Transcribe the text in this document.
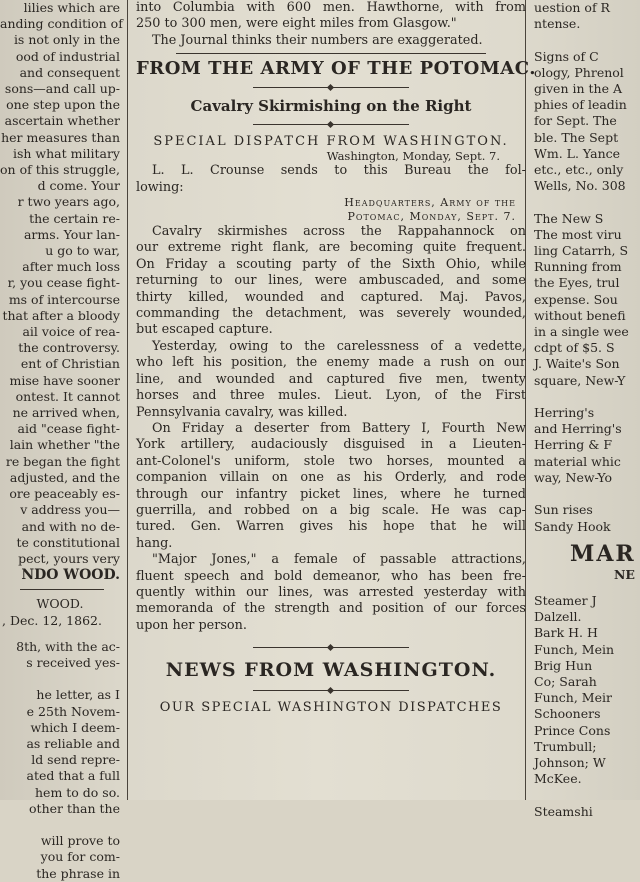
lilies which are
anding condition of
is not only in the
ood of industrial
and consequent
sons—and call up-
one step upon the
ascertain whether
her measures than
ish what military
on of this struggle,
d come. Your
r two years ago,
the certain re-
arms. Your lan-
u go to war,
after much loss
r, you cease fight-
ms of intercourse
that after a bloody
ail voice of rea-
the controversy.
ent of Christian
mise have sooner
ontest. It cannot
ne arrived when,
aid "cease fight-
lain whether "the
re began the fight
adjusted, and the
ore peaceably es-
v address you—
and with no de-
te constitutional
pect, yours very
NDO WOOD.
WOOD.
, Dec. 12, 1862.
8th, with the ac-
s received yes-

he letter, as I
e 25th Novem-
which I deem-
as reliable and
ld send repre-
ated that a full
hem to do so.
other than the

will prove to
you for com-
the phrase in
into Columbia with 600 men. Hawthorne, with from
250 to 300 men, were eight miles from Glasgow."
The Journal thinks their numbers are exaggerated.
FROM THE ARMY OF THE POTOMAC.
Cavalry Skirmishing on the Right
SPECIAL DISPATCH FROM WASHINGTON.
Washington, Monday, Sept. 7.
L. L. Crounse sends to this Bureau the fol-
lowing:
Headquarters, Army of the
Potomac, Monday, Sept. 7.
Cavalry skirmishes across the Rappahannock on
our extreme right flank, are becoming quite frequent.
On Friday a scouting party of the Sixth Ohio, while
returning to our lines, were ambuscaded, and some
thirty killed, wounded and captured. Maj. Pavos,
commanding the detachment, was severely wounded,
but escaped capture.
Yesterday, owing to the carelessness of a vedette,
who left his position, the enemy made a rush on our
line, and wounded and captured five men, twenty
horses and three mules. Lieut. Lyon, of the First
Pennsylvania cavalry, was killed.
On Friday a deserter from Battery I, Fourth New
York artillery, audaciously disguised in a Lieuten-
ant-Colonel's uniform, stole two horses, mounted a
companion villain on one as his Orderly, and rode
through our infantry picket lines, where he turned
guerrilla, and robbed on a big scale. He was cap-
tured. Gen. Warren gives his hope that he will
hang.
"Major Jones," a female of passable attractions,
fluent speech and bold demeanor, who has been fre-
quently within our lines, was arrested yesterday with
memoranda of the strength and position of our forces
upon her person.
NEWS FROM WASHINGTON.
OUR SPECIAL WASHINGTON DISPATCHES
uestion of R
ntense.

Signs of C
ology, Phrenol
given in the A
phies of leadin
for Sept. The
ble. The Sept
Wm. L. Yance
etc., etc., only
Wells, No. 308

The New S
The most viru
ling Catarrh, S
Running from
the Eyes, trul
expense. Sou
without benefi
in a single wee
cdpt of $5. S
J. Waite's Son
square, New-Y

Herring's
and Herring's
Herring & F
material whic
way, New-Yo

Sun rises
Sandy Hook
MAR
NE
Steamer J
Dalzell.
Bark H. H
Funch, Mein
Brig Hun
Co; Sarah
Funch, Meir
Schooners
Prince Cons
Trumbull;
Johnson; W
McKee.

Steamshi
